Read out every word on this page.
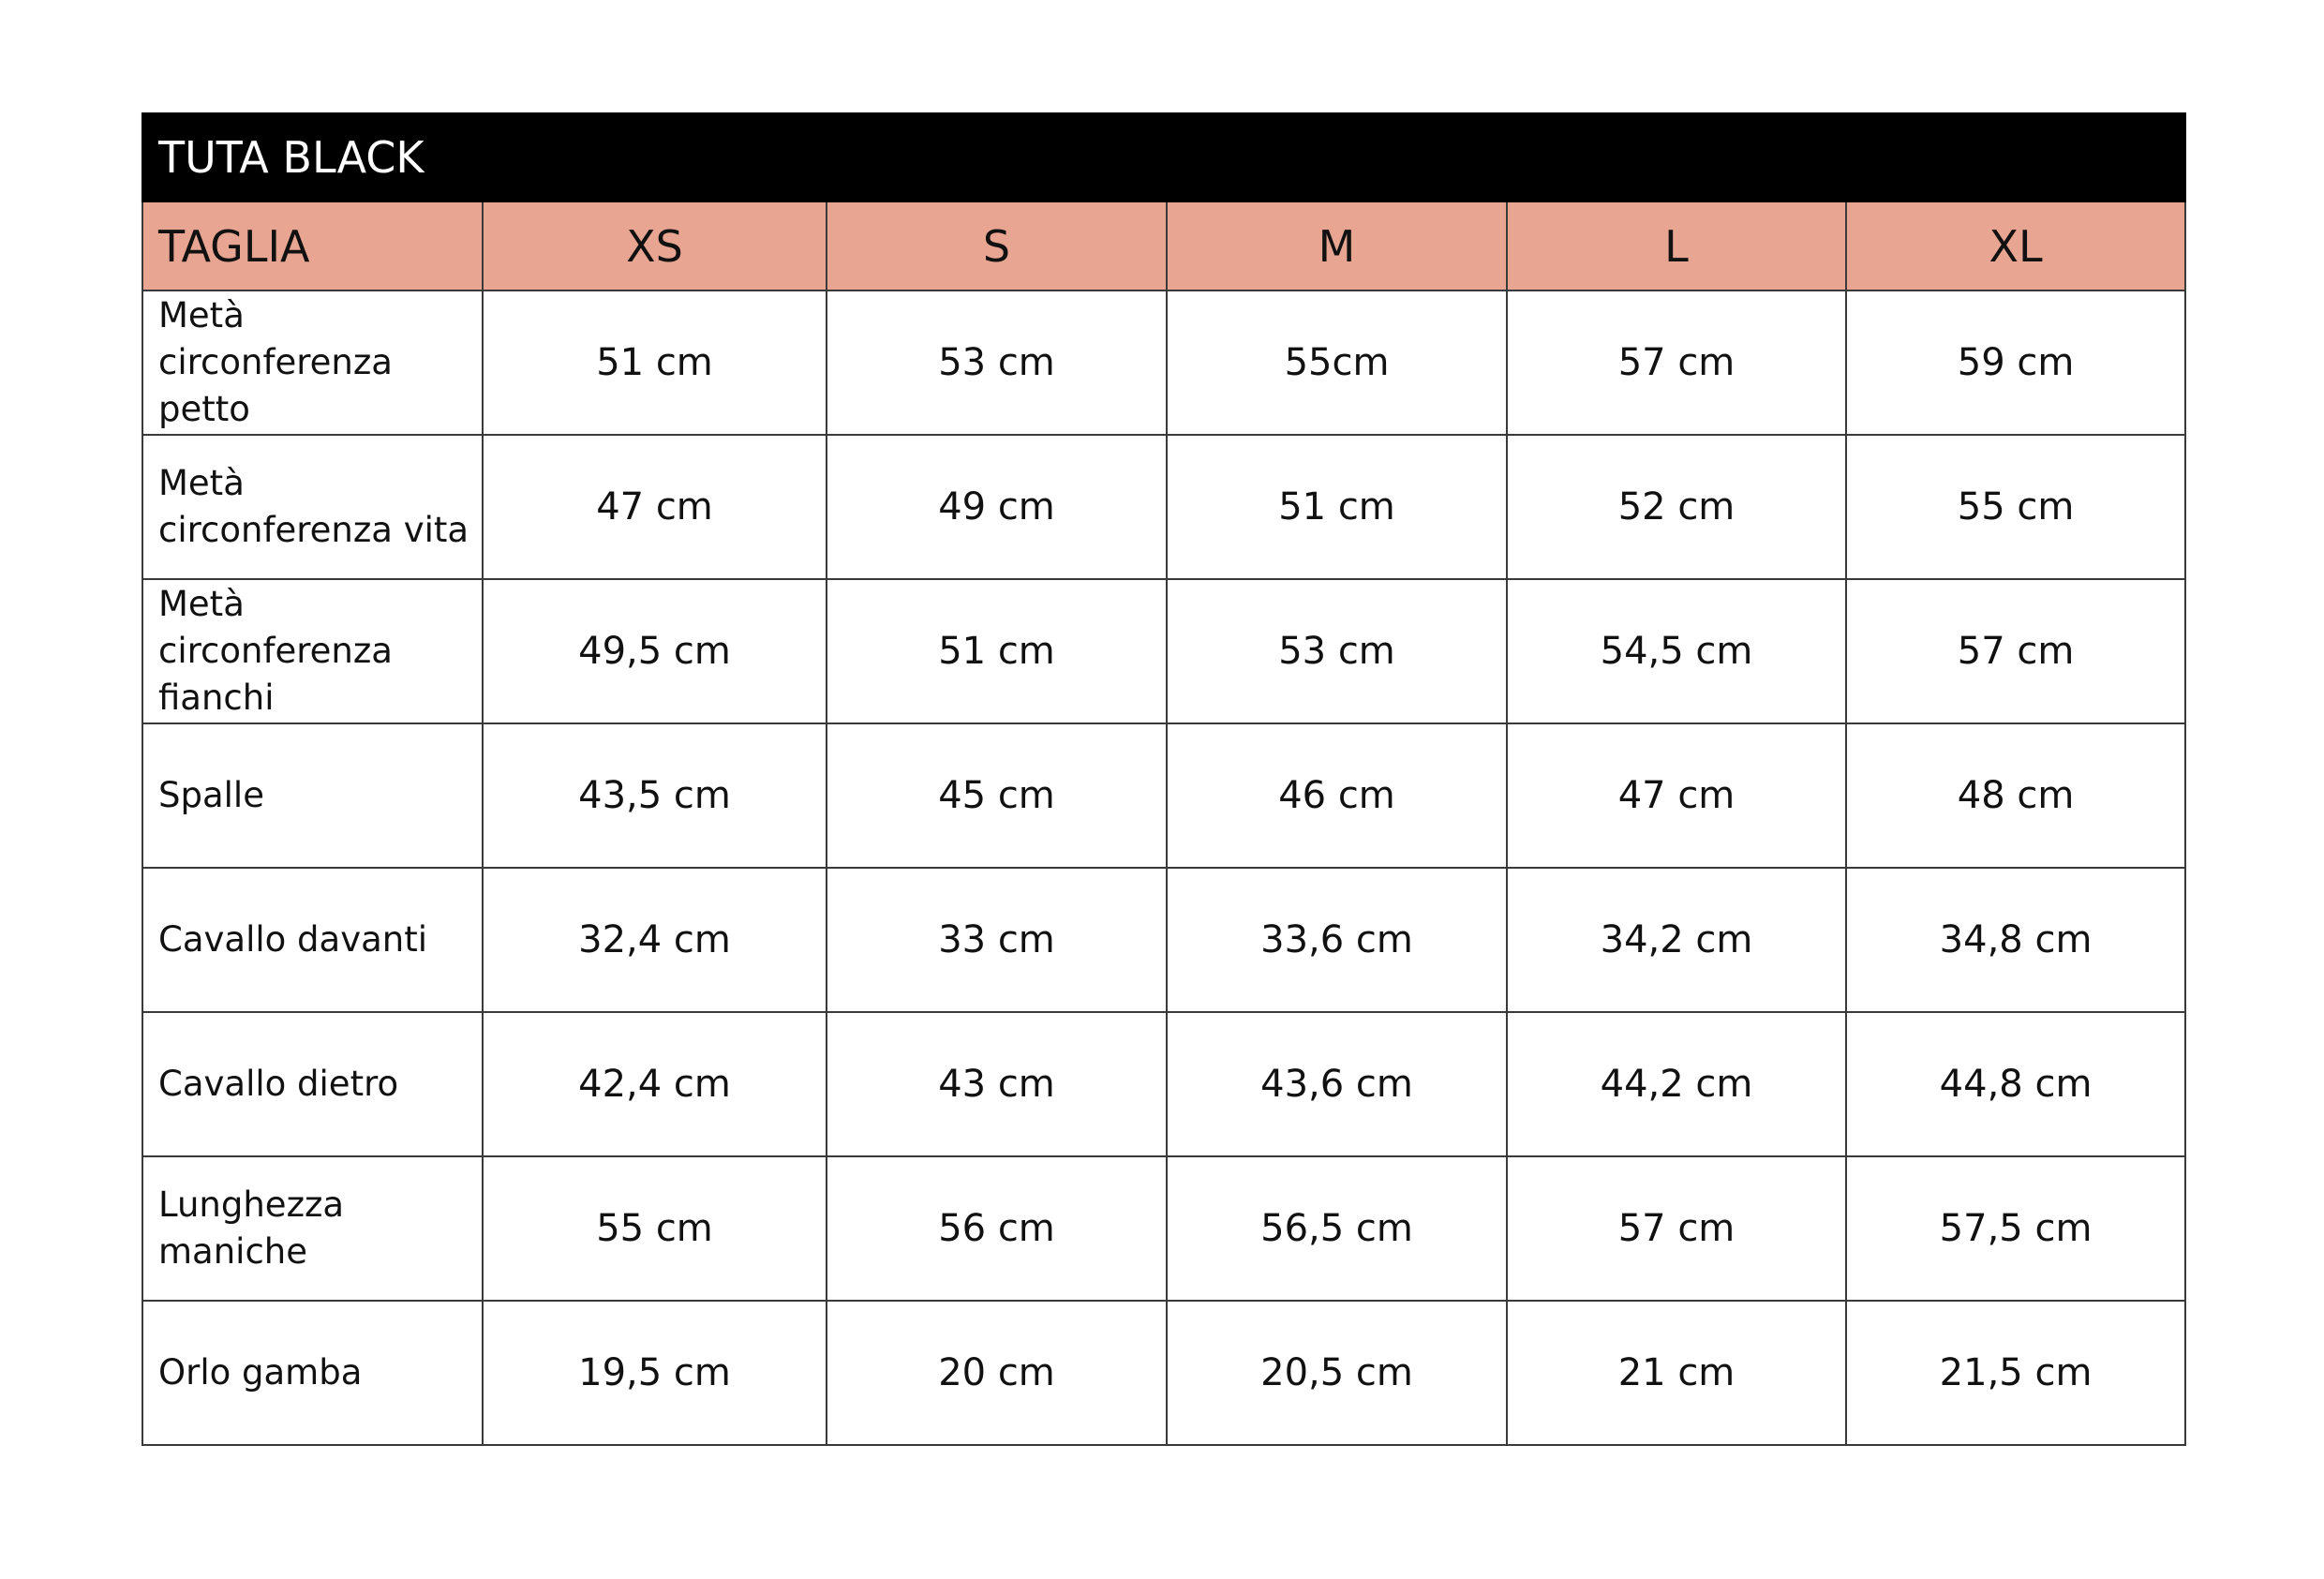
TUTA BLACK					
TAGLIA	XS	S	M	L	XL
Metà circonferenza petto	51 cm	53 cm	55cm	57 cm	59 cm
Metà circonferenza vita	47 cm	49 cm	51 cm	52 cm	55 cm
Metà circonferenza fianchi	49,5 cm	51 cm	53 cm	54,5 cm	57 cm
Spalle	43,5 cm	45 cm	46 cm	47 cm	48 cm
Cavallo davanti	32,4 cm	33 cm	33,6 cm	34,2 cm	34,8 cm
Cavallo dietro	42,4 cm	43 cm	43,6 cm	44,2 cm	44,8 cm
Lunghezza maniche	55 cm	56 cm	56,5 cm	57 cm	57,5 cm
Orlo gamba	19,5 cm	20 cm	20,5 cm	21 cm	21,5 cm
